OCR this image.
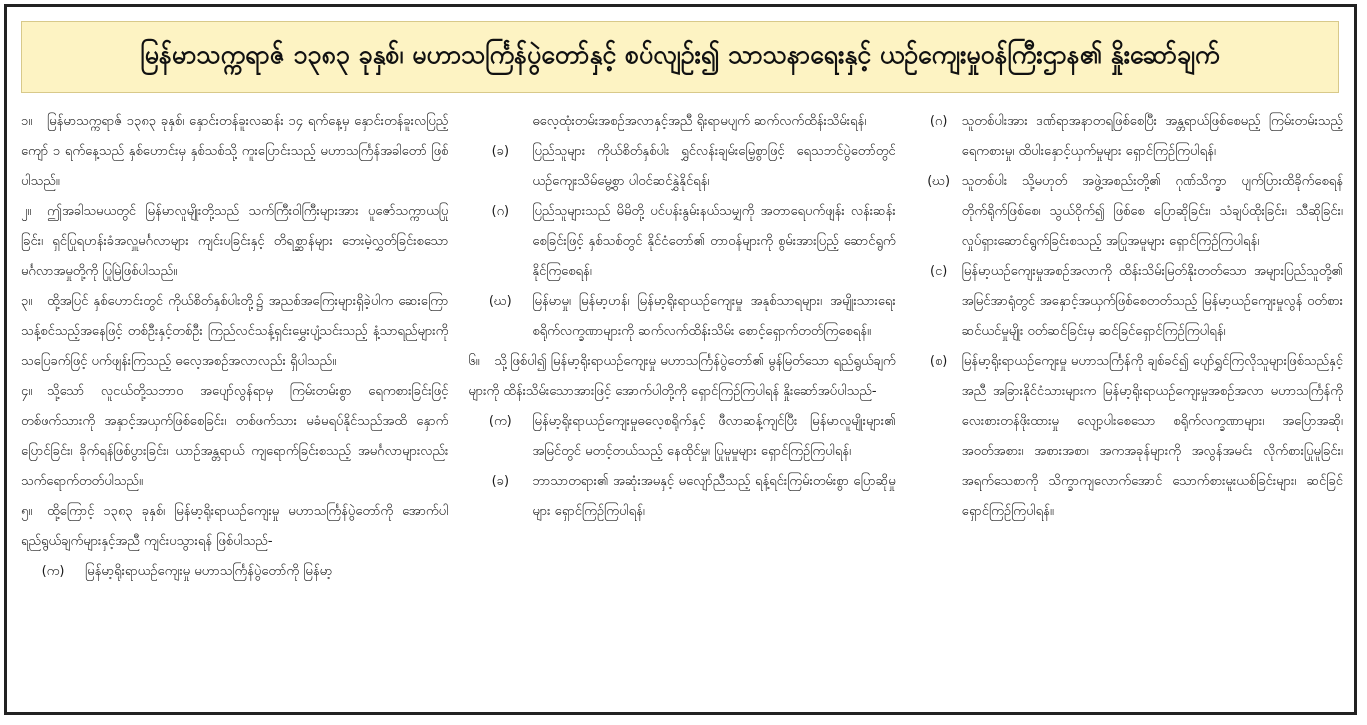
မြန်မာသက္ကရာဇ် ၁၃၈၃ ခုနှစ်၊ မဟာသင်္ကြန်ပွဲတော်နှင့် စပ်လျဉ်း၍ သာသနာရေးနှင့် ယဉ်ကျေးမှုဝန်ကြီးဌာန၏ နှိုးဆော်ချက်

၁။ မြန်မာသက္ကရာဇ် ၁၃၈၃ ခုနှစ်၊ နှောင်းတန်ခူးလဆန်း ၁၄ ရက်နေ့မှ နှောင်းတန်ခူးလပြည့်ကျော် ၁ ရက်နေ့သည် နှစ်ဟောင်းမှ နှစ်သစ်သို့ ကူးပြောင်းသည့် မဟာသင်္ကြန်အခါတော် ဖြစ်ပါသည်။

၂။ ဤအခါသမယတွင် မြန်မာလူမျိုးတို့သည် သက်ကြီးဝါကြီးများအား ပူဇော်သက္ကာယပြုခြင်း၊ ရှင်ပြုရဟန်းခံအလှူမင်္ဂလာများ ကျင်းပခြင်းနှင့် တိရစ္ဆာန်များ ဘေးမဲ့လွှတ်ခြင်းစသော မင်္ဂလာအမှုတို့ကို ပြုမြဲဖြစ်ပါသည်။

၃။ ထို့အပြင် နှစ်ဟောင်းတွင် ကိုယ်စိတ်နှစ်ပါးတို့၌ အညစ်အကြေးများရှိခဲ့ပါက ဆေးကြောသန့်စင်သည့်အနေဖြင့် တစ်ဦးနှင့်တစ်ဦး ကြည်လင်သန့်ရှင်းမွှေးပျံ့သင်းသည့် နံ့သာရည်များကို သပြေခက်ဖြင့် ပက်ဖျန်းကြသည့် ဓလေ့အစဉ်အလာလည်း ရှိပါသည်။

၄။ သို့သော် လူငယ်တို့သဘာဝ အပျော်လွန်ရာမှ ကြမ်းတမ်းစွာ ရေကစားခြင်းဖြင့် တစ်ဖက်သားကို အနှာင့်အယှက်ဖြစ်စေခြင်း၊ တစ်ဖက်သား မခံမရပ်နိုင်သည်အထိ နှောက်ပြောင်ခြင်း၊ ခိုက်ရန်ဖြစ်ပွားခြင်း၊ ယာဉ်အန္တရာယ် ကျရောက်ခြင်းစသည့် အမင်္ဂလာများလည်း သက်ရောက်တတ်ပါသည်။

၅။ ထို့ကြောင့် ၁၃၈၃ ခုနှစ်၊ မြန်မာ့ရိုးရာယဉ်ကျေးမှု မဟာသင်္ကြန်ပွဲတော်ကို အောက်ပါရည်ရွယ်ချက်များနှင့်အညီ ကျင်းပသွားရန် ဖြစ်ပါသည်-

(က)	မြန်မာ့ရိုးရာယဉ်ကျေးမှု မဟာသင်္ကြန်ပွဲတော်ကို မြန်မာ့
ဓလေ့ထုံးတမ်းအစဉ်အလာနှင့်အညီ ရိုးရာမပျက် ဆက်လက်ထိန်းသိမ်းရန်၊
(ခ)	ပြည်သူများ ကိုယ်စိတ်နှစ်ပါး ရွှင်လန်းချမ်းမြေ့စွာဖြင့် ရေသဘင်ပွဲတော်တွင် ယဉ်ကျေးသိမ်မွေ့စွာ ပါဝင်ဆင်နွှဲနိုင်ရန်၊
(ဂ)	ပြည်သူများသည် မိမိတို့ ပင်ပန်းနွမ်းနယ်သမျှကို အတာရေပက်ဖျန်း လန်းဆန်းစေခြင်းဖြင့် နှစ်သစ်တွင် နိုင်ငံတော်၏ တာဝန်များကို စွမ်းအားပြည့် ဆောင်ရွက်နိုင်ကြစေရန်၊
(ဃ)	မြန်မာမှု၊ မြန်မာ့ဟန်၊ မြန်မာ့ရိုးရာယဉ်ကျေးမှု အနုစ်သာရများ၊ အမျိုးသားရေးစရိုက်လက္ခဏာများကို ဆက်လက်ထိန်းသိမ်း စောင့်ရှောက်တတ်ကြစေရန်။

၆။ သို့ဖြစ်ပါ၍ မြန်မာ့ရိုးရာယဉ်ကျေးမှု မဟာသင်္ကြန်ပွဲတော်၏ မွန်မြတ်သော ရည်ရွယ်ချက်များကို ထိန်းသိမ်းသောအားဖြင့် အောက်ပါတို့ကို ရှောင်ကြဉ်ကြပါရန် နှိုးဆော်အပ်ပါသည်-

(က)	မြန်မာ့ရိုးရာယဉ်ကျေးမှုဓလေ့စရိုက်နှင့် ဖီလာဆန့်ကျင်ပြီး မြန်မာလူမျိုးများ၏ အမြင်တွင် မတင့်တယ်သည့် နေထိုင်မှု၊ ပြုမူမှုများ ရှောင်ကြဉ်ကြပါရန်၊
(ခ)	ဘာသာတရား၏ အဆုံးအမနှင့် မလျော်ညီသည့် ရန့်ရင်းကြမ်းတမ်းစွာ ပြောဆိုမှုများ ရှောင်ကြဉ်ကြပါရန်၊
(ဂ)	သူတစ်ပါးအား ဒဏ်ရာအနာတရဖြစ်စေပြီး အန္တရာယ်ဖြစ်စေမည့် ကြမ်းတမ်းသည့် ရေကစားမှု၊ ထိပါးနှောင့်ယှက်မှုများ ရှောင်ကြဉ်ကြပါရန်၊
(ဃ) သူတစ်ပါး သို့မဟုတ် အဖွဲ့အစည်းတို့၏ ဂုဏ်သိက္ခာ ပျက်ပြားထိခိုက်စေရန် တိုက်ရိုက်ဖြစ်စေ၊ သွယ်ဝိုက်၍ ဖြစ်စေ ပြောဆိုခြင်း၊ သံချပ်ထိုးခြင်း၊ သီဆိုခြင်း၊ လှုပ်ရှားဆောင်ရွက်ခြင်းစသည့် အပြုအမူများ ရှောင်ကြဉ်ကြပါရန်၊
(င)	မြန်မာ့ယဉ်ကျေးမှုအစဉ်အလာကို ထိန်းသိမ်းမြတ်နိုးတတ်သော အများပြည်သူတို့၏ အမြင်အာရုံတွင် အနှောင့်အယှက်ဖြစ်စေတတ်သည့် မြန်မာ့ယဉ်ကျေးမှုလွန် ဝတ်စားဆင်ယင်မှုမျိုး ဝတ်ဆင်ခြင်းမှ ဆင်ခြင်ရှောင်ကြဉ်ကြပါရန်၊
(စ)	မြန်မာ့ရိုးရာယဉ်ကျေးမှု မဟာသင်္ကြန်ကို ချစ်ခင်၍ ပျော်ရွှင်ကြလိုသူများဖြစ်သည်နှင့်အညီ အခြားနိုင်ငံသားများက မြန်မာ့ရိုးရာယဉ်ကျေးမှုအစဉ်အလာ မဟာသင်္ကြန်ကို လေးစားတန်ဖိုးထားမှု လျော့ပါးစေသော စရိုက်လက္ခဏာများ၊ အပြောအဆို၊ အဝတ်အစား၊ အစားအစာ၊ အကအခုန်များကို အလွန်အမင်း လိုက်စားပြုမူခြင်း၊ အရက်သေစာကို သိက္ခာကျလောက်အောင် သောက်စားမူးယစ်ခြင်းများ၊ ဆင်ခြင်ရှောင်ကြဉ်ကြပါရန်။
